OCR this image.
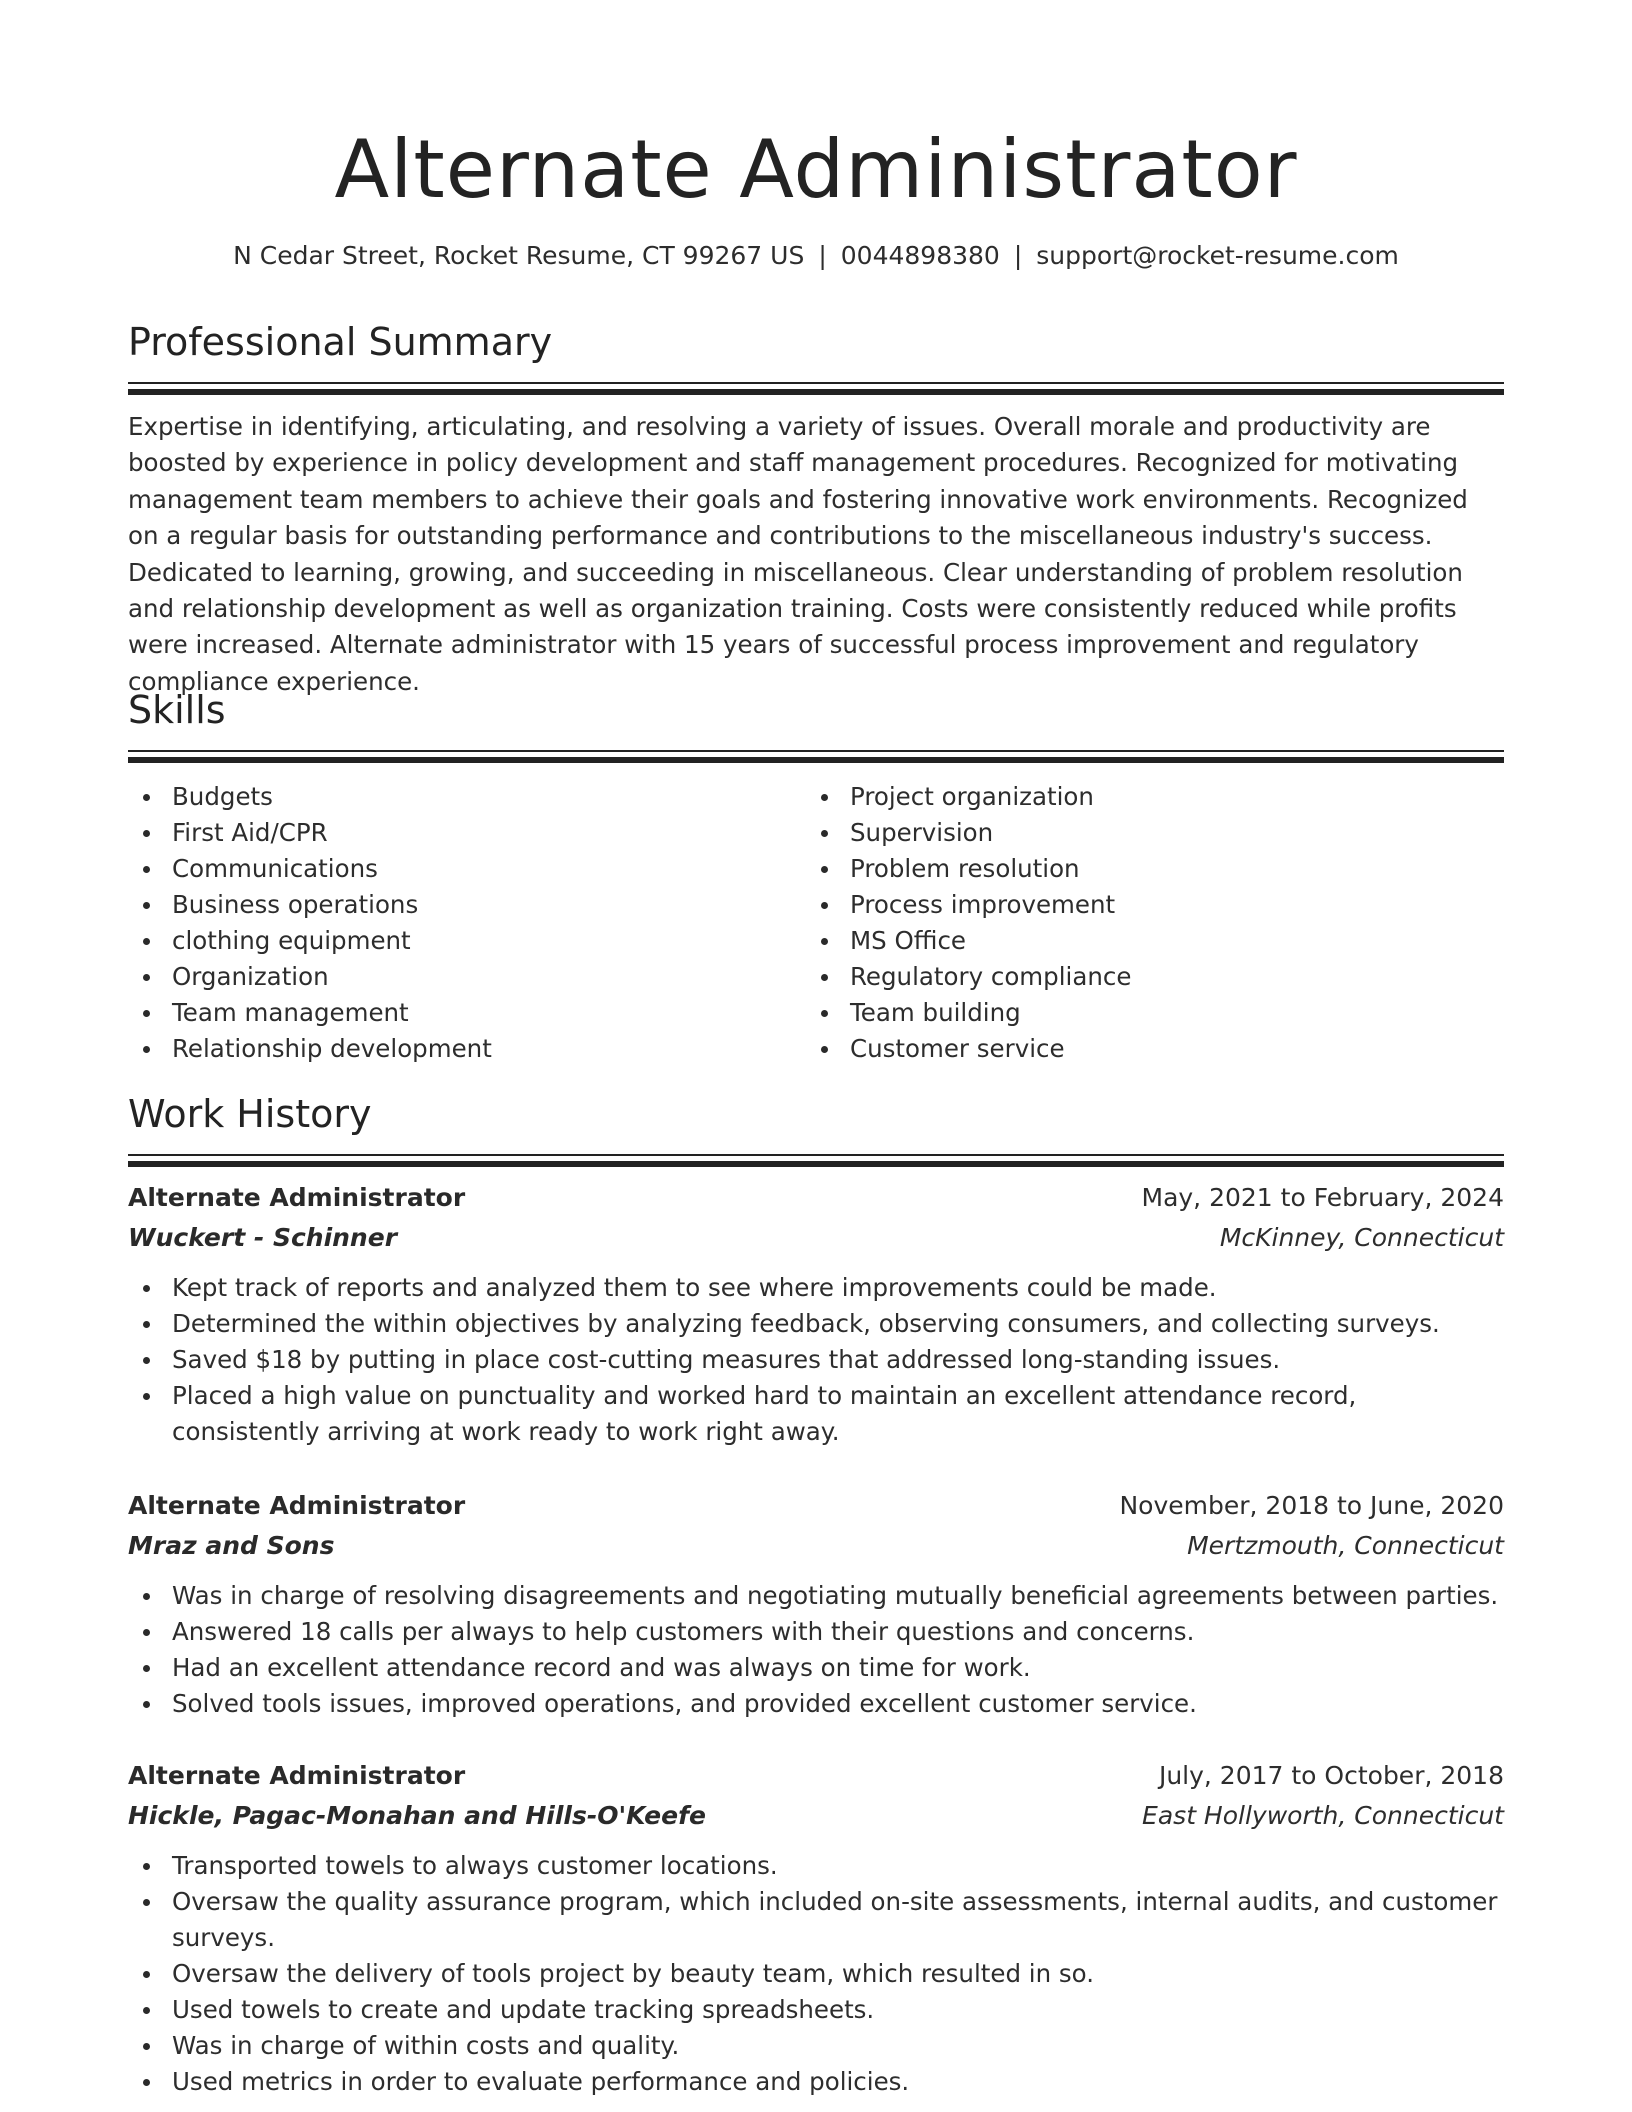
Alternate Administrator
N Cedar Street, Rocket Resume, CT 99267 US | 0044898380 | support@rocket-resume.com
Professional Summary

Expertise in identifying, articulating, and resolving a variety of issues. Overall morale and productivity are boosted by experience in policy development and staff management procedures. Recognized for motivating management team members to achieve their goals and fostering innovative work environments. Recognized on a regular basis for outstanding performance and contributions to the miscellaneous industry's success. Dedicated to learning, growing, and succeeding in miscellaneous. Clear understanding of problem resolution and relationship development as well as organization training. Costs were consistently reduced while profits were increased. Alternate administrator with 15 years of successful process improvement and regulatory compliance experience.

Skills
Budgets
First Aid/CPR
Communications
Business operations
clothing equipment
Organization
Team management
Relationship development
Project organization
Supervision
Problem resolution
Process improvement
MS Office
Regulatory compliance
Team building
Customer service
Work History
Alternate Administrator	May, 2021 to February, 2024
Wuckert - Schinner	McKinney, Connecticut
Kept track of reports and analyzed them to see where improvements could be made.
Determined the within objectives by analyzing feedback, observing consumers, and collecting surveys.
Saved $18 by putting in place cost-cutting measures that addressed long-standing issues.
Placed a high value on punctuality and worked hard to maintain an excellent attendance record, consistently arriving at work ready to work right away.
Alternate Administrator	November, 2018 to June, 2020
Mraz and Sons	Mertzmouth, Connecticut
Was in charge of resolving disagreements and negotiating mutually beneficial agreements between parties.
Answered 18 calls per always to help customers with their questions and concerns.
Had an excellent attendance record and was always on time for work.
Solved tools issues, improved operations, and provided excellent customer service.
Alternate Administrator	July, 2017 to October, 2018
Hickle, Pagac-Monahan and Hills-O'Keefe	East Hollyworth, Connecticut
Transported towels to always customer locations.
Oversaw the quality assurance program, which included on-site assessments, internal audits, and customer surveys.
Oversaw the delivery of tools project by beauty team, which resulted in so.
Used towels to create and update tracking spreadsheets.
Was in charge of within costs and quality.
Used metrics in order to evaluate performance and policies.
